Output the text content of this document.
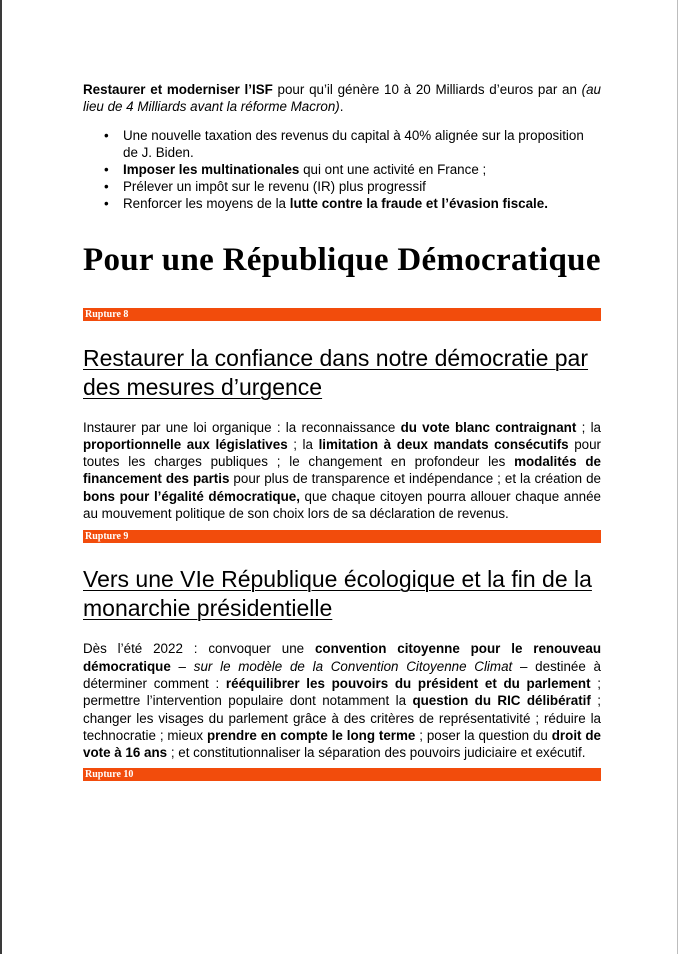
Restaurer et moderniser l’ISF pour qu’il génère 10 à 20 Milliards d’euros par an (au lieu de 4 Milliards avant la réforme Macron).

• Une nouvelle taxation des revenus du capital à 40% alignée sur la proposition de J. Biden.
• Imposer les multinationales qui ont une activité en France ;
• Prélever un impôt sur le revenu (IR) plus progressif
• Renforcer les moyens de la lutte contre la fraude et l’évasion fiscale.
Pour une République Démocratique
Rupture 8
Restaurer la confiance dans notre démocratie par des mesures d’urgence

Instaurer par une loi organique : la reconnaissance du vote blanc contraignant ; la proportionnelle aux législatives ; la limitation à deux mandats consécutifs pour toutes les charges publiques ; le changement en profondeur les modalités de financement des partis pour plus de transparence et indépendance ; et la création de bons pour l’égalité démocratique, que chaque citoyen pourra allouer chaque année au mouvement politique de son choix lors de sa déclaration de revenus.

Rupture 9
Vers une VIe République écologique et la fin de la monarchie présidentielle

Dès l’été 2022 : convoquer une convention citoyenne pour le renouveau démocratique – sur le modèle de la Convention Citoyenne Climat – destinée à déterminer comment : rééquilibrer les pouvoirs du président et du parlement ; permettre l’intervention populaire dont notamment la question du RIC délibératif ; changer les visages du parlement grâce à des critères de représentativité ; réduire la technocratie ; mieux prendre en compte le long terme ; poser la question du droit de vote à 16 ans ; et constitutionnaliser la séparation des pouvoirs judiciaire et exécutif.

Rupture 10
